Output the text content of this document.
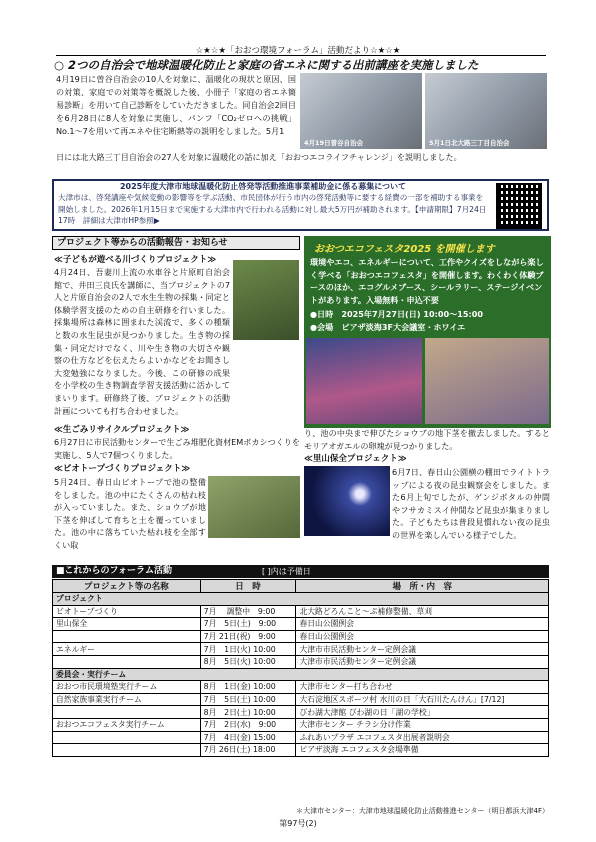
☆★☆★「おおつ環境フォーラム」活動だより☆★☆★
○ 2つの自治会で地球温暖化防止と家庭の省エネに関する出前講座を実施しました
4月19日に曽谷自治会の10人を対象に、温暖化の現状と原因、国の対策、家庭での対策等を概説した後、小冊子「家庭の省エネ簡易診断」を用いて自己診断をしていただきました。同自治会2回目を6月28日に8人を対象に実施し、パンフ「CO₂ゼロへの挑戦」No.1〜7を用いて再エネや住宅断熱等の説明をしました。5月1
4月19日曽谷自治会	5月1日北大路三丁目自治会
日には北大路三丁目自治会の27人を対象に温暖化の話に加え「おおつエコライフチャレンジ」を説明しました。
2025年度大津市地球温暖化防止啓発等活動推進事業補助金に係る募集について
大津市は、啓発講座や気候変動の影響等を学ぶ活動、市民団体が行う市内の啓発活動等に要する経費の一部を補助する事業を開始しました。2026年1月15日まで実施する大津市内で行われる活動に対し最大5万円が補助されます。【申請期限】7月24日17時　詳細は大津市HP参照▶
プロジェクト等からの活動報告・お知らせ
≪子どもが遊べる川づくりプロジェクト≫
4月24日、吾妻川上流の水車谷と片原町自治会館で、井田三良氏を講師に、当プロジェクトの7人と片原自治会の2人で水生生物の採集・同定と体験学習支援のための自主研修を行いました。採集場所は森林に囲まれた渓流で、多くの種類と数の水生昆虫が見つかりました。生き物の採集・同定だけでなく、川や生き物の大切さや観察の仕方などを伝えたらよいかなどをお聞きし大変勉強になりました。今後、この研修の成果を小学校の生き物調査学習支援活動に活かしてまいります。研修終了後、プロジェクトの活動計画についても打ち合わせました。
≪生ごみリサイクルプロジェクト≫
6月27日に市民活動センターで生ごみ堆肥化資材EMボカシつくりを実施し、5人で7個つくりました。
≪ビオトープづくりプロジェクト≫
5月24日、春日山ビオトープで池の整備をしました。池の中にたくさんの枯れ枝が入っていました。また、ショウブが地下茎を伸ばして育ちと土を覆っていました。池の中に落ちていた枯れ枝を全部すくい取
おおつエコフェスタ2025 を開催します
環境やエコ、エネルギーについて、工作やクイズをしながら楽しく学べる「おおつエコフェスタ」を開催します。わくわく体験ブースのほか、エコグルメブース、シールラリー、ステージイベントがあります。入場無料・申込不要
●日時　2025年7月27日(日) 10:00〜15:00
●会場　ピアザ淡海3F大会議室・ホワイエ
り、池の中央まで伸びたショウブの地下茎を撤去しました。するとモリアオガエルの卵塊が見つかりました。
≪里山保全プロジェクト≫
6月7日、春日山公園横の棚田でライトトラップによる夜の昆虫観察会をしました。また6月上旬でしたが、ゲンジボタルの仲間やフサカミスイ仲間など昆虫が集まりました。子どもたちは普段見慣れない夜の昆虫の世界を楽しんでいる様子でした。
■これからのフォーラム活動	[ ]内は予備日
プロジェクト等の名称	日　時	場　所・内　容
プロジェクト		
ビオトープづくり	7月　 調整中　9:00	北大路どろんこと〜ぷ補修整備、草刈
里山保全	7月　5日(土)　9:00	春日山公園例会
	7月 21日(祝)　9:00	春日山公園例会
エネルギー	7月　1日(火) 10:00	大津市市民活動センター定例会議
	8月　5日(火) 10:00	大津市市民活動センター定例会議
委員会・実行チーム		
おおつ市民環境塾実行チーム	8月　1日(金) 10:00	大津市センター打ち合わせ
自然家族事業実行チーム	7月　5日(土) 10:00	大石淀地区スポーツ村 水川の日「大石川たんけん」[7/12]
	8月　2日(土) 10:00	びわ湖大津館 びわ湖の日「湖の学校」
おおつエコフェスタ実行チーム	7月　2日(水)　9:00	大津市センター チラシ分け作業
	7月　4日(金) 15:00	ふれあいプラザ エコフェスタ出展者説明会
	7月 26日(土) 18:00	ピアザ淡海 エコフェスタ会場準備
＊大津市センター：大津市地球温暖化防止活動推進センター（明日都浜大津4F）
第97号(2)
